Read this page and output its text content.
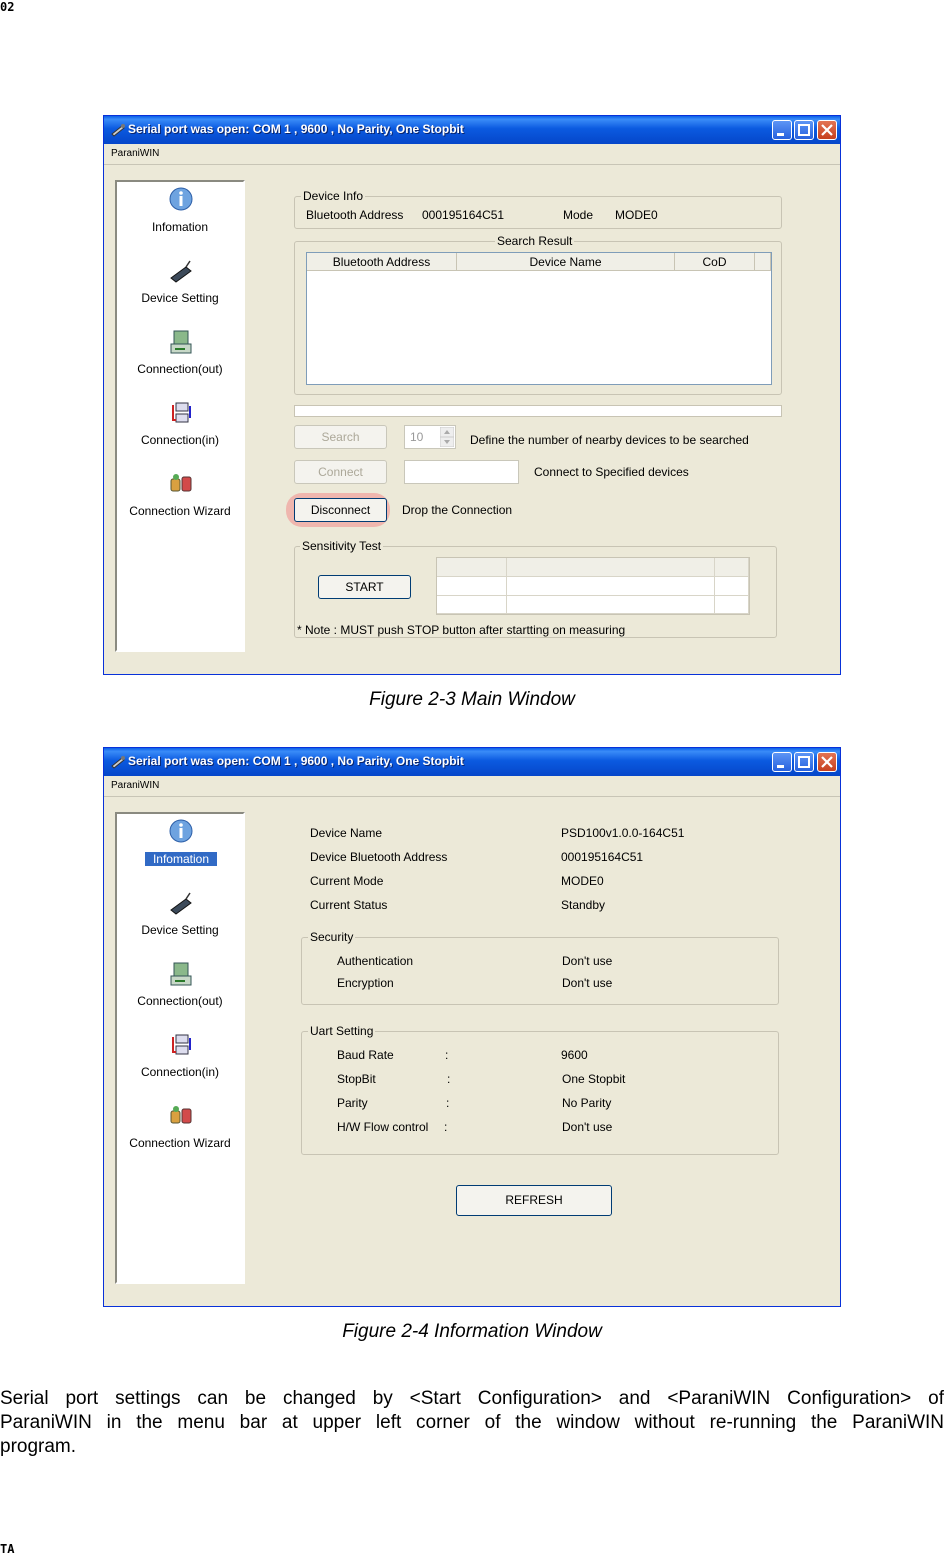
02
TA
Serial port was open: COM 1 , 9600 , No Parity, One Stopbit
ParaniWIN
Infomation
Device Setting
Connection(out)
Connection(in)
Connection Wizard
Device Info
Bluetooth Address 000195164C51	Mode MODE0
Search Result
Bluetooth Address	Device Name	CoD
Search	10	Define the number of nearby devices to be searched
Connect	Connect to Specified devices
Disconnect	Drop the Connection
Sensitivity Test
START
* Note : MUST push STOP button after startting on measuring
Figure 2-3 Main Window
Serial port was open: COM 1 , 9600 , No Parity, One Stopbit
ParaniWIN
Infomation
Device Setting
Connection(out)
Connection(in)
Connection Wizard
Device Name	PSD100v1.0.0-164C51
Device Bluetooth Address	000195164C51
Current Mode	MODE0
Current Status	Standby
Security
Authentication	Don't use
Encryption	Don't use
Uart Setting
Baud Rate	:	9600
StopBit	:	One Stopbit
Parity	:	No Parity
H/W Flow control :	Don't use
REFRESH
Figure 2-4 Information Window
Serial port settings can be changed by <Start Configuration> and <ParaniWIN Configuration> of
ParaniWIN in the menu bar at upper left corner of the window without re-running the ParaniWIN
program.
